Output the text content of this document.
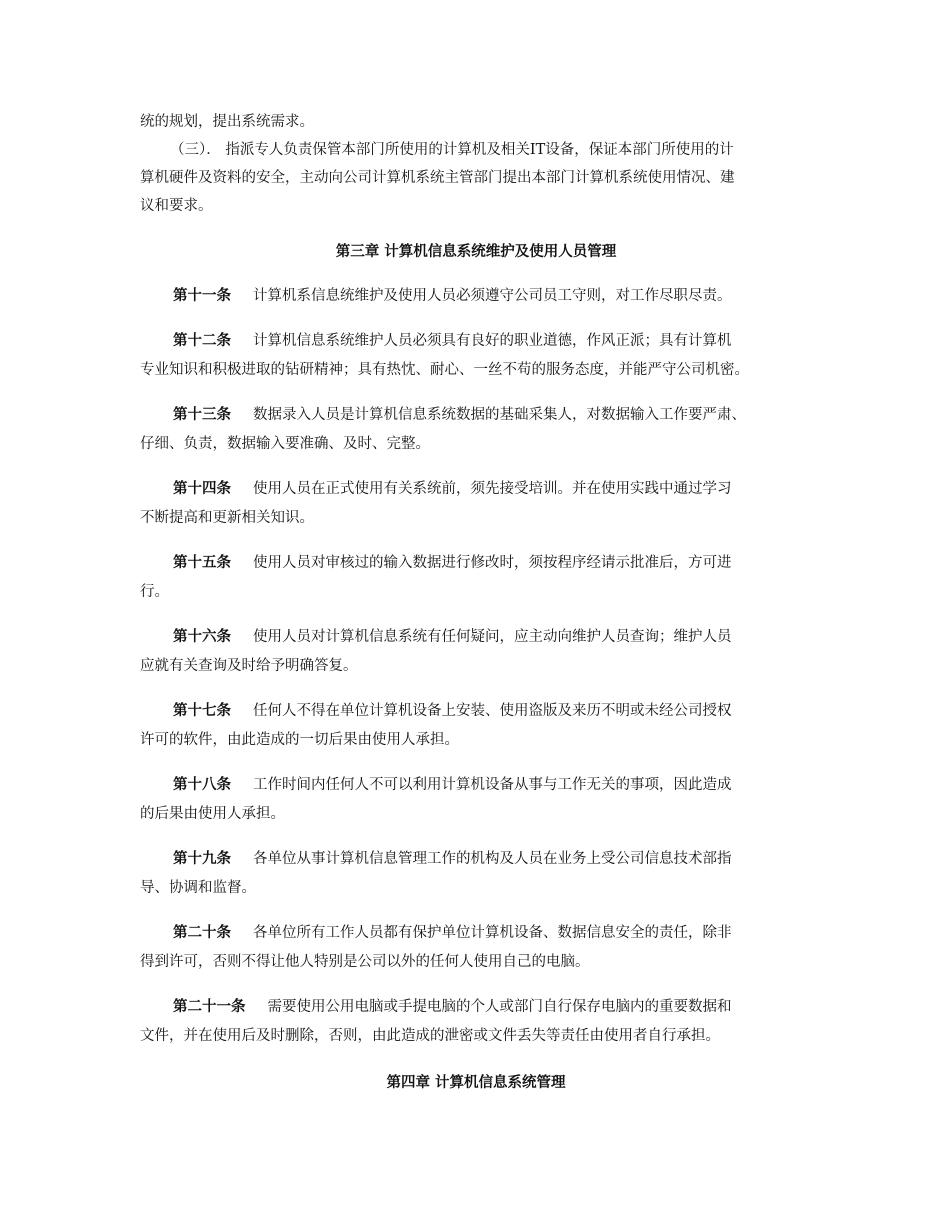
统的规划，提出系统需求。
（三）． 指派专人负责保管本部门所使用的计算机及相关IT设备，保证本部门所使用的计
算机硬件及资料的安全，主动向公司计算机系统主管部门提出本部门计算机系统使用情况、建
议和要求。
第三章 计算机信息系统维护及使用人员管理
第十一条 计算机系信息统维护及使用人员必须遵守公司员工守则，对工作尽职尽责。
第十二条 计算机信息系统维护人员必须具有良好的职业道德，作风正派；具有计算机
专业知识和积极进取的钻研精神；具有热忱、耐心、一丝不苟的服务态度，并能严守公司机密。
第十三条 数据录入人员是计算机信息系统数据的基础采集人，对数据输入工作要严肃、
仔细、负责，数据输入要准确、及时、完整。
第十四条 使用人员在正式使用有关系统前，须先接受培训。并在使用实践中通过学习
不断提高和更新相关知识。
第十五条 使用人员对审核过的输入数据进行修改时，须按程序经请示批准后，方可进
行。
第十六条 使用人员对计算机信息系统有任何疑问，应主动向维护人员查询；维护人员
应就有关查询及时给予明确答复。
第十七条 任何人不得在单位计算机设备上安装、使用盗版及来历不明或未经公司授权
许可的软件，由此造成的一切后果由使用人承担。
第十八条 工作时间内任何人不可以利用计算机设备从事与工作无关的事项，因此造成
的后果由使用人承担。
第十九条 各单位从事计算机信息管理工作的机构及人员在业务上受公司信息技术部指
导、协调和监督。
第二十条 各单位所有工作人员都有保护单位计算机设备、数据信息安全的责任，除非
得到许可，否则不得让他人特别是公司以外的任何人使用自己的电脑。
第二十一条 需要使用公用电脑或手提电脑的个人或部门自行保存电脑内的重要数据和
文件，并在使用后及时删除，否则，由此造成的泄密或文件丢失等责任由使用者自行承担。
第四章 计算机信息系统管理
